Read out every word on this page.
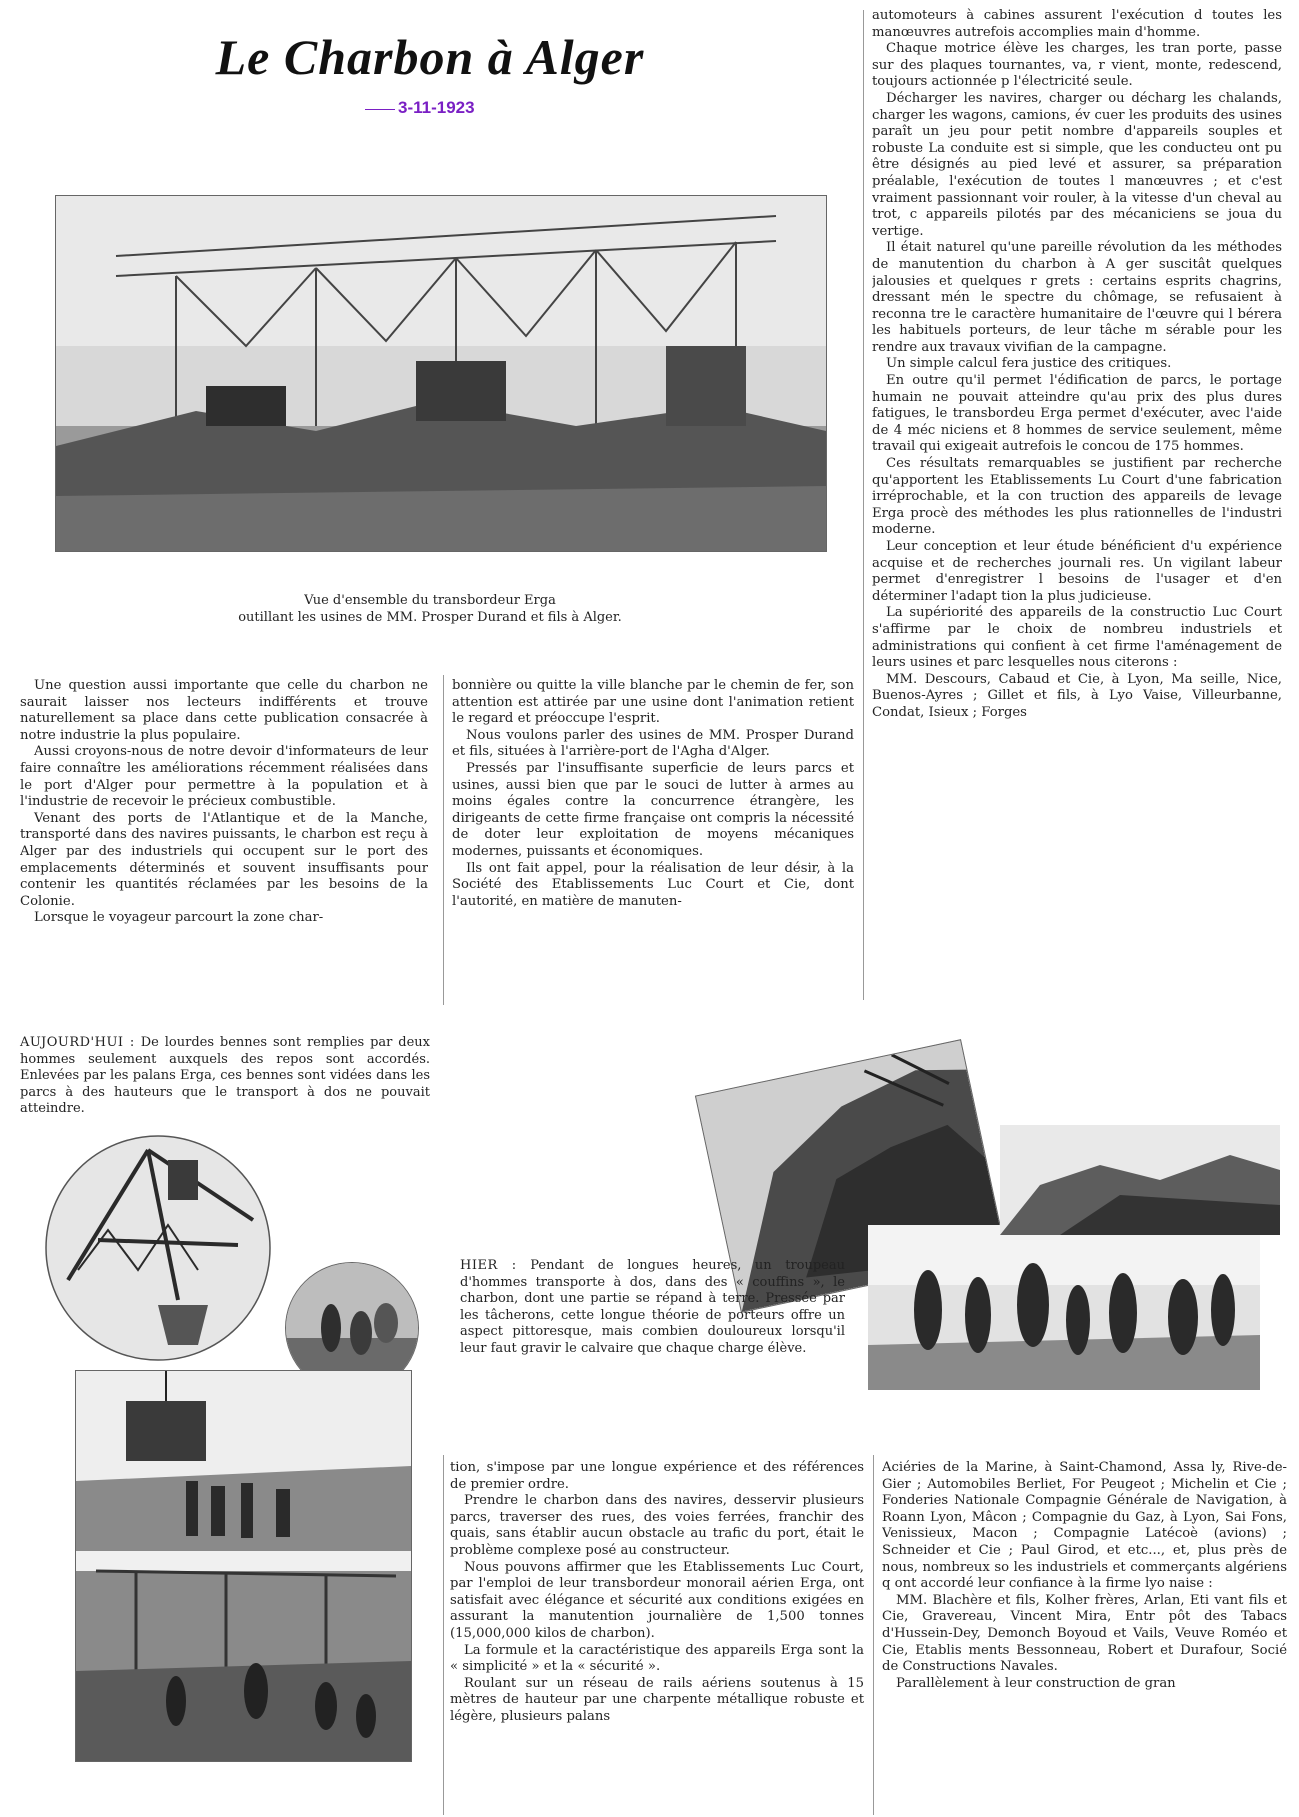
Le Charbon à Alger
3-11-1923
Vue d'ensemble du transbordeur Erga
outillant les usines de MM. Prosper Durand et fils à Alger.

automoteurs à cabines assurent l'exécution d toutes les manœuvres autrefois accomplies main d'homme.

Chaque motrice élève les charges, les tran porte, passe sur des plaques tournantes, va, r vient, monte, redescend, toujours actionnée p l'électricité seule.

Décharger les navires, charger ou décharg les chalands, charger les wagons, camions, év cuer les produits des usines paraît un jeu pour petit nombre d'appareils souples et robuste La conduite est si simple, que les conducteu ont pu être désignés au pied levé et assurer, sa préparation préalable, l'exécution de toutes l manœuvres ; et c'est vraiment passionnant voir rouler, à la vitesse d'un cheval au trot, c appareils pilotés par des mécaniciens se joua du vertige.

Il était naturel qu'une pareille révolution da les méthodes de manutention du charbon à A ger suscitât quelques jalousies et quelques r grets : certains esprits chagrins, dressant mén le spectre du chômage, se refusaient à reconna tre le caractère humanitaire de l'œuvre qui l bérera les habituels porteurs, de leur tâche m sérable pour les rendre aux travaux vivifian de la campagne.

Un simple calcul fera justice des critiques.

En outre qu'il permet l'édification de parcs, le portage humain ne pouvait atteindre qu'au prix des plus dures fatigues, le transbordeu Erga permet d'exécuter, avec l'aide de 4 méc niciens et 8 hommes de service seulement, même travail qui exigeait autrefois le concou de 175 hommes.

Ces résultats remarquables se justifient par recherche qu'apportent les Etablissements Lu Court d'une fabrication irréprochable, et la con truction des appareils de levage Erga procè des méthodes les plus rationnelles de l'industri moderne.

Leur conception et leur étude bénéficient d'u expérience acquise et de recherches journali res. Un vigilant labeur permet d'enregistrer l besoins de l'usager et d'en déterminer l'adapt tion la plus judicieuse.

La supériorité des appareils de la constructio Luc Court s'affirme par le choix de nombreu industriels et administrations qui confient à cet firme l'aménagement de leurs usines et parc lesquelles nous citerons :

MM. Descours, Cabaud et Cie, à Lyon, Ma seille, Nice, Buenos-Ayres ; Gillet et fils, à Lyo Vaise, Villeurbanne, Condat, Isieux ; Forges

Une question aussi importante que celle du charbon ne saurait laisser nos lecteurs indifférents et trouve naturellement sa place dans cette publication consacrée à notre industrie la plus populaire.

Aussi croyons-nous de notre devoir d'informateurs de leur faire connaître les améliorations récemment réalisées dans le port d'Alger pour permettre à la population et à l'industrie de recevoir le précieux combustible.

Venant des ports de l'Atlantique et de la Manche, transporté dans des navires puissants, le charbon est reçu à Alger par des industriels qui occupent sur le port des emplacements déterminés et souvent insuffisants pour contenir les quantités réclamées par les besoins de la Colonie.

Lorsque le voyageur parcourt la zone char-

bonnière ou quitte la ville blanche par le chemin de fer, son attention est attirée par une usine dont l'animation retient le regard et préoccupe l'esprit.

Nous voulons parler des usines de MM. Prosper Durand et fils, situées à l'arrière-port de l'Agha d'Alger.

Pressés par l'insuffisante superficie de leurs parcs et usines, aussi bien que par le souci de lutter à armes au moins égales contre la concurrence étrangère, les dirigeants de cette firme française ont compris la nécessité de doter leur exploitation de moyens mécaniques modernes, puissants et économiques.

Ils ont fait appel, pour la réalisation de leur désir, à la Société des Etablissements Luc Court et Cie, dont l'autorité, en matière de manuten-

AUJOURD'HUI : De lourdes bennes sont remplies par deux hommes seulement auxquels des repos sont accordés. Enlevées par les palans Erga, ces bennes sont vidées dans les parcs à des hauteurs que le transport à dos ne pouvait atteindre.
HIER : Pendant de longues heures, un troupeau d'hommes transporte à dos, dans des « couffins », le charbon, dont une partie se répand à terre. Pressée par les tâcherons, cette longue théorie de porteurs offre un aspect pittoresque, mais combien douloureux lorsqu'il leur faut gravir le calvaire que chaque charge élève.

tion, s'impose par une longue expérience et des références de premier ordre.

Prendre le charbon dans des navires, desservir plusieurs parcs, traverser des rues, des voies ferrées, franchir des quais, sans établir aucun obstacle au trafic du port, était le problème complexe posé au constructeur.

Nous pouvons affirmer que les Etablissements Luc Court, par l'emploi de leur transbordeur monorail aérien Erga, ont satisfait avec élégance et sécurité aux conditions exigées en assurant la manutention journalière de 1,500 tonnes (15,000,000 kilos de charbon).

La formule et la caractéristique des appareils Erga sont la « simplicité » et la « sécurité ».

Roulant sur un réseau de rails aériens soutenus à 15 mètres de hauteur par une charpente métallique robuste et légère, plusieurs palans

Aciéries de la Marine, à Saint-Chamond, Assa ly, Rive-de-Gier ; Automobiles Berliet, For Peugeot ; Michelin et Cie ; Fonderies Nationale Compagnie Générale de Navigation, à Roann Lyon, Mâcon ; Compagnie du Gaz, à Lyon, Sai Fons, Venissieux, Macon ; Compagnie Latécoè (avions) ; Schneider et Cie ; Paul Girod, et etc..., et, plus près de nous, nombreux so les industriels et commerçants algériens q ont accordé leur confiance à la firme lyo naise :

MM. Blachère et fils, Kolher frères, Arlan, Eti vant fils et Cie, Gravereau, Vincent Mira, Entr pôt des Tabacs d'Hussein-Dey, Demonch Boyoud et Vails, Veuve Roméo et Cie, Etablis ments Bessonneau, Robert et Durafour, Socié de Constructions Navales.

Parallèlement à leur construction de gran
